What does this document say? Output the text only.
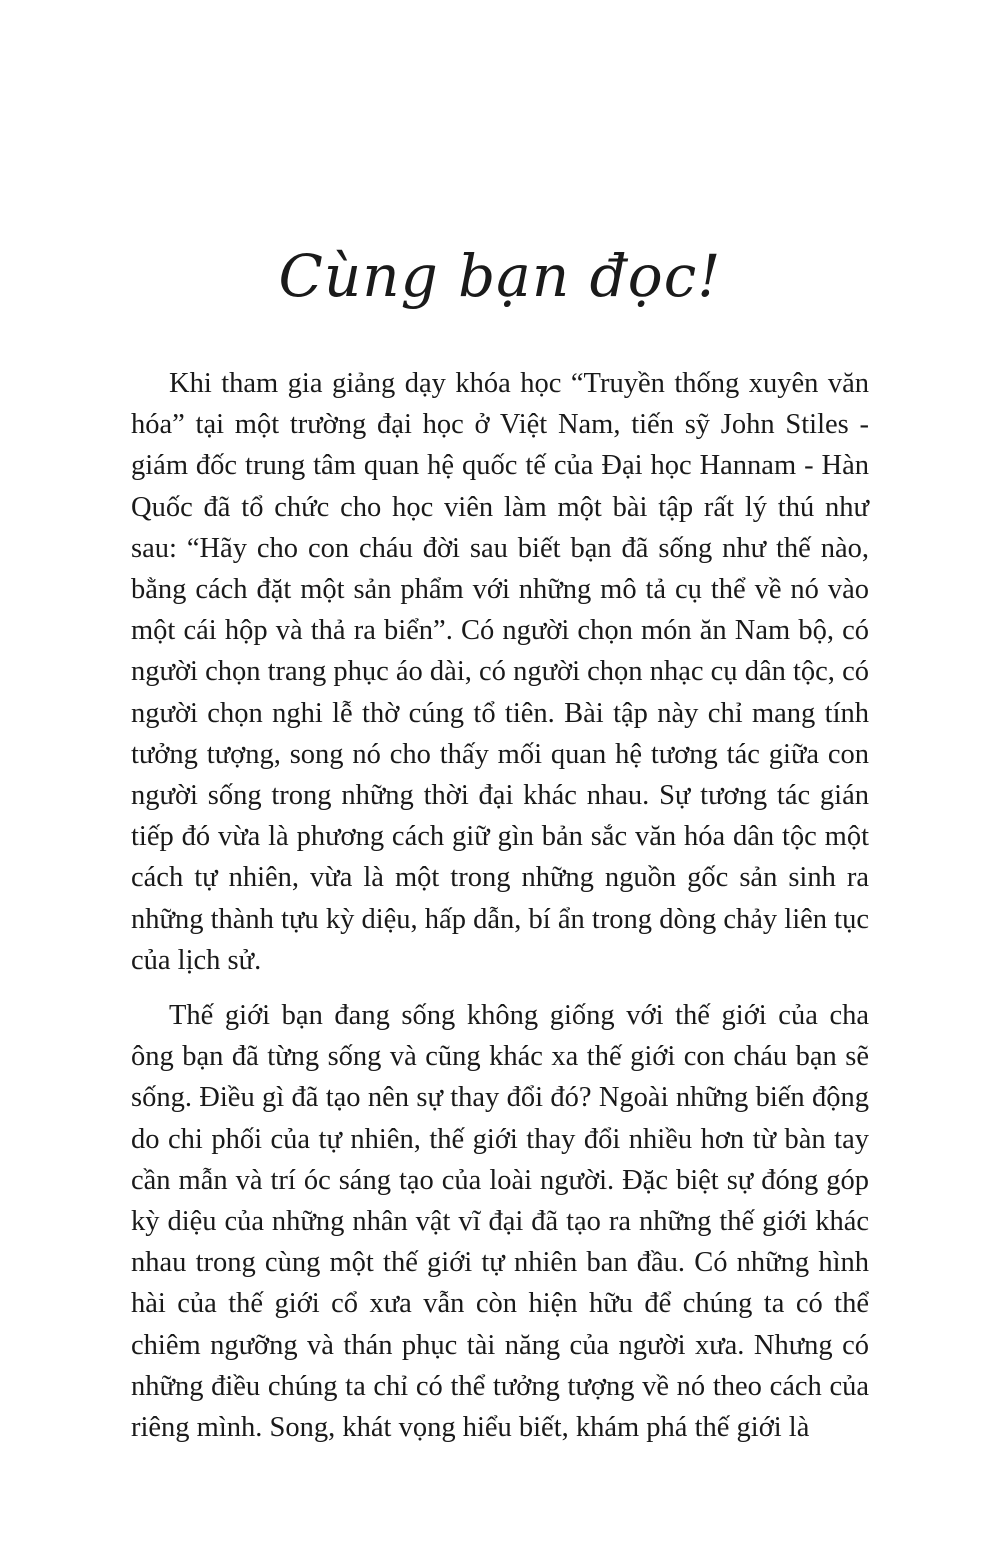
Cùng bạn đọc!

Khi tham gia giảng dạy khóa học “Truyền thống xuyên văn hóa” tại một trường đại học ở Việt Nam, tiến sỹ John Stiles - giám đốc trung tâm quan hệ quốc tế của Đại học Hannam - Hàn Quốc đã tổ chức cho học viên làm một bài tập rất lý thú như sau: “Hãy cho con cháu đời sau biết bạn đã sống như thế nào, bằng cách đặt một sản phẩm với những mô tả cụ thể về nó vào một cái hộp và thả ra biển”. Có người chọn món ăn Nam bộ, có người chọn trang phục áo dài, có người chọn nhạc cụ dân tộc, có người chọn nghi lễ thờ cúng tổ tiên. Bài tập này chỉ mang tính tưởng tượng, song nó cho thấy mối quan hệ tương tác giữa con người sống trong những thời đại khác nhau. Sự tương tác gián tiếp đó vừa là phương cách giữ gìn bản sắc văn hóa dân tộc một cách tự nhiên, vừa là một trong những nguồn gốc sản sinh ra những thành tựu kỳ diệu, hấp dẫn, bí ẩn trong dòng chảy liên tục của lịch sử.

Thế giới bạn đang sống không giống với thế giới của cha ông bạn đã từng sống và cũng khác xa thế giới con cháu bạn sẽ sống. Điều gì đã tạo nên sự thay đổi đó? Ngoài những biến động do chi phối của tự nhiên, thế giới thay đổi nhiều hơn từ bàn tay cần mẫn và trí óc sáng tạo của loài người. Đặc biệt sự đóng góp kỳ diệu của những nhân vật vĩ đại đã tạo ra những thế giới khác nhau trong cùng một thế giới tự nhiên ban đầu. Có những hình hài của thế giới cổ xưa vẫn còn hiện hữu để chúng ta có thể chiêm ngưỡng và thán phục tài năng của người xưa. Nhưng có những điều chúng ta chỉ có thể tưởng tượng về nó theo cách của riêng mình. Song, khát vọng hiểu biết, khám phá thế giới là
